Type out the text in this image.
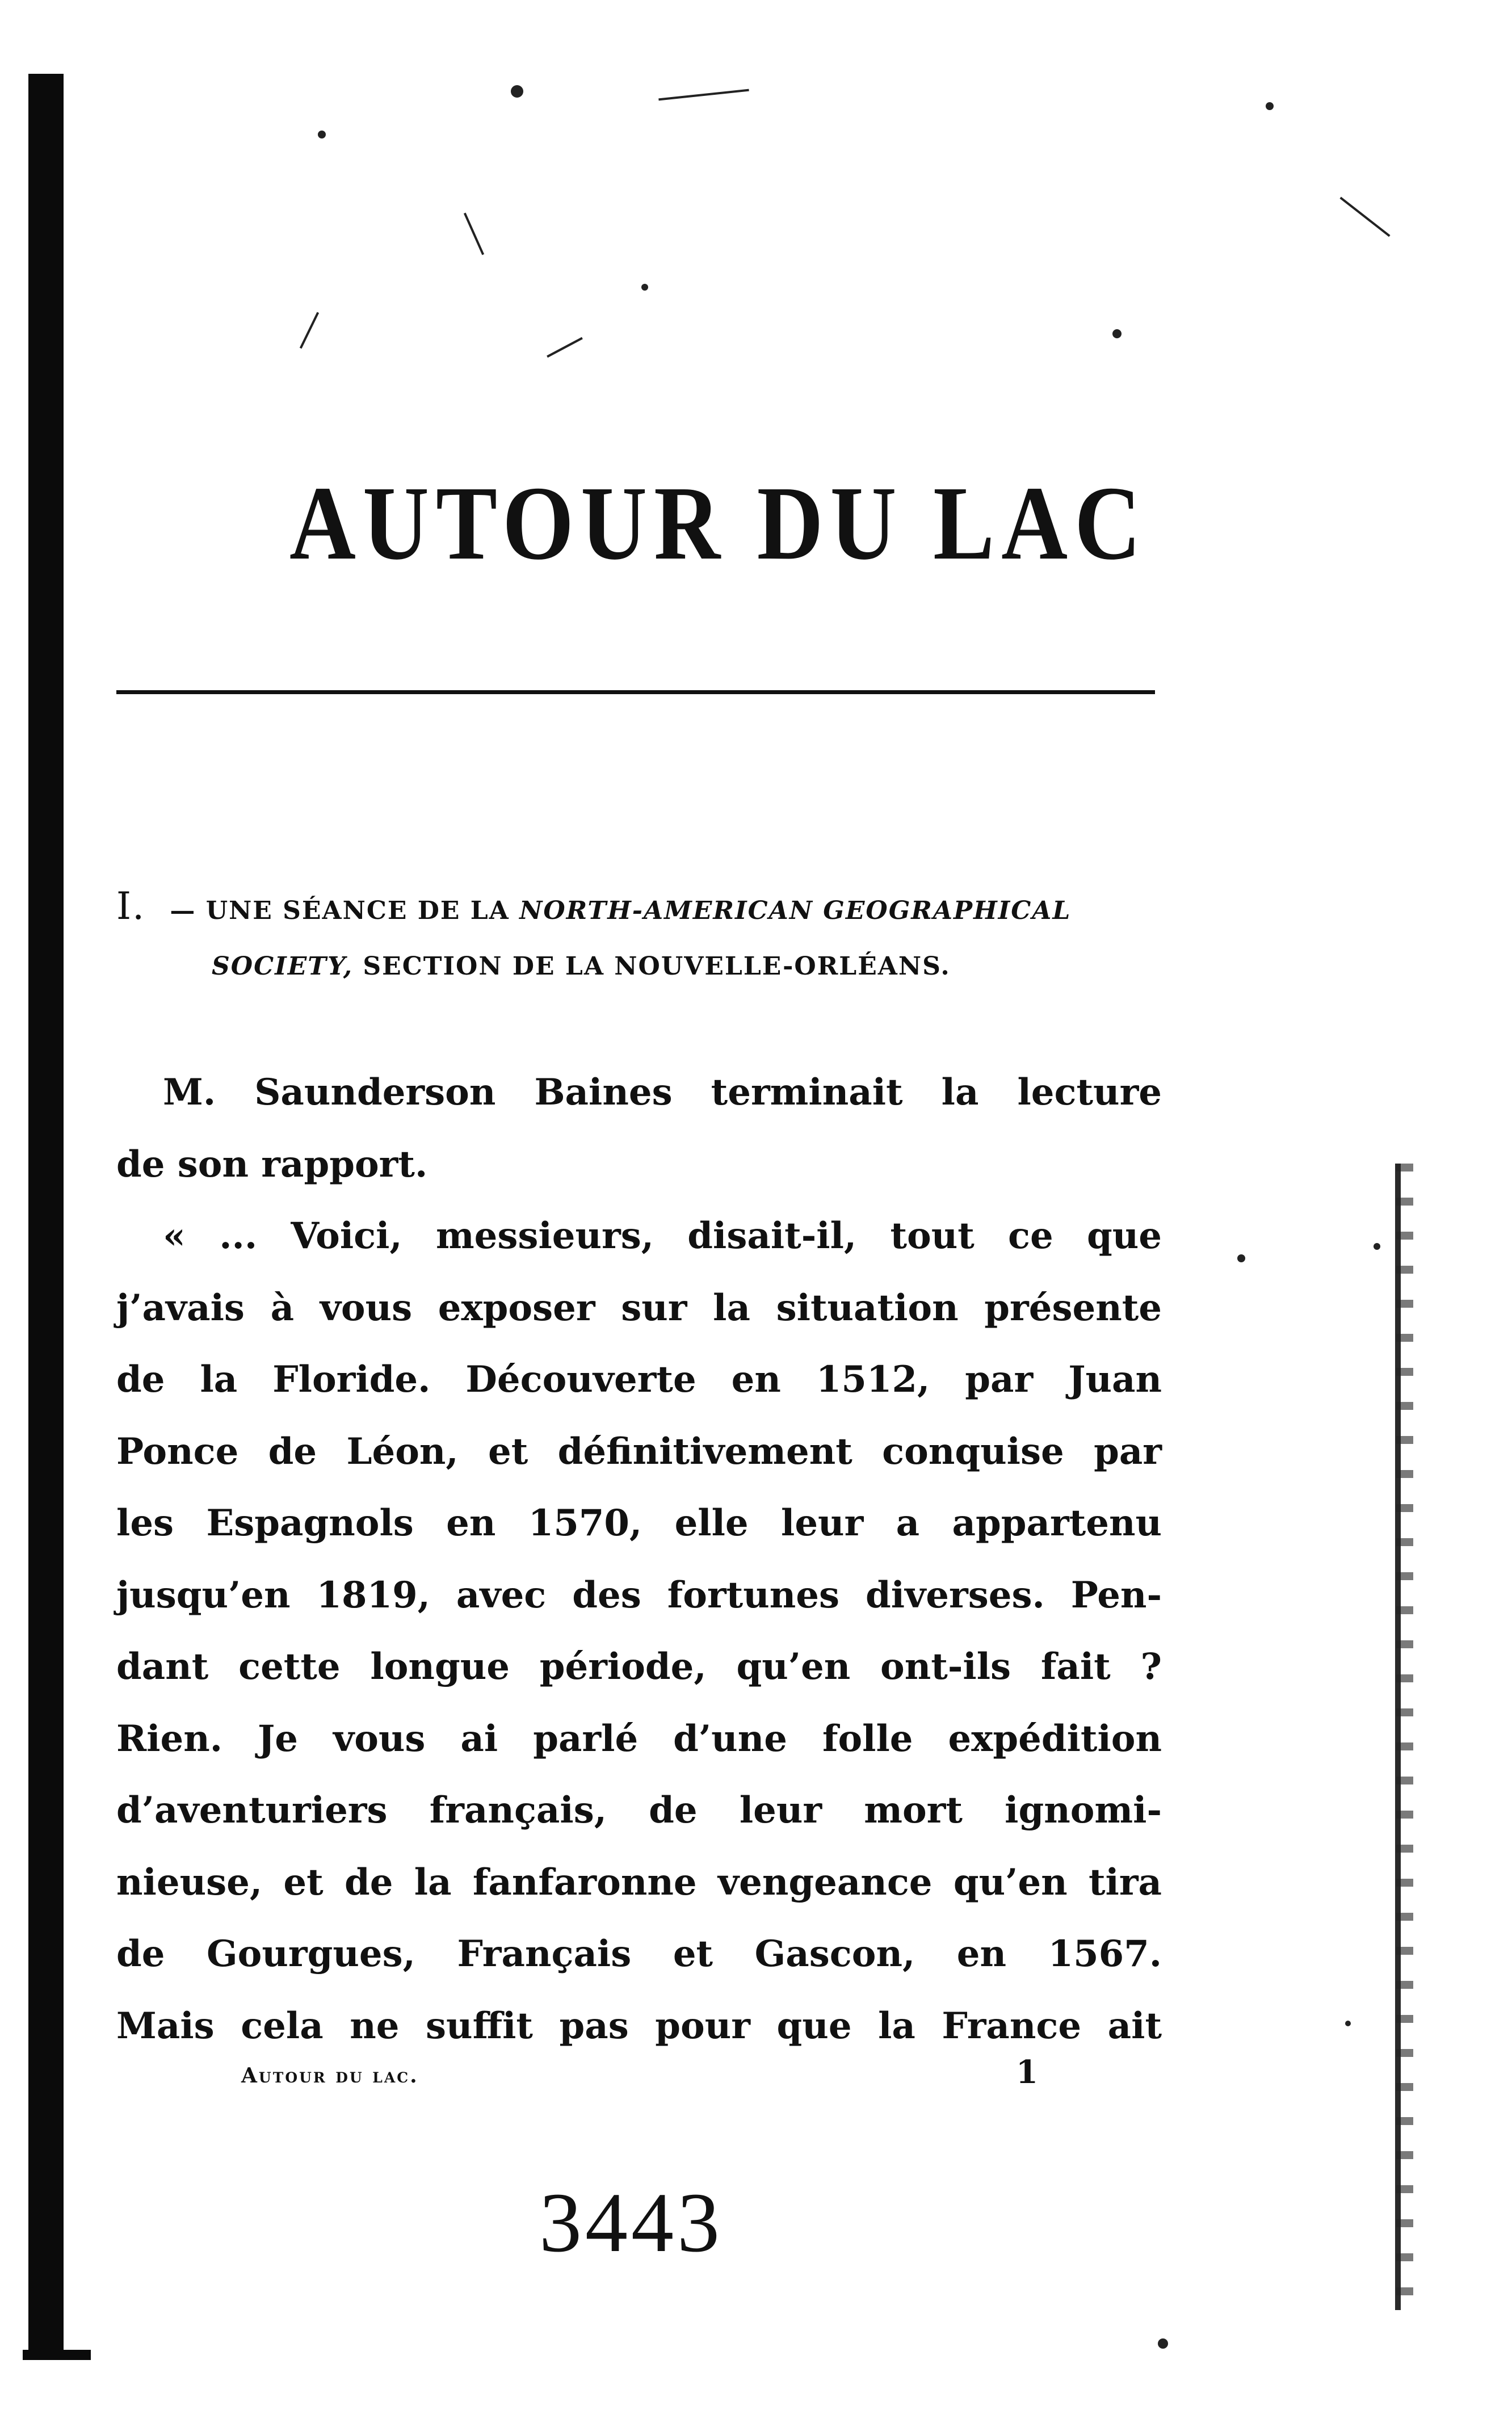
AUTOUR DU LAC
I. — UNE SÉANCE DE LA NORTH-AMERICAN GEOGRAPHICAL
SOCIETY, SECTION DE LA NOUVELLE-ORLÉANS.
M. Saunderson Baines terminait la lecture
de son rapport.
« ... Voici, messieurs, disait-il, tout ce que
j’avais à vous exposer sur la situation présente
de la Floride. Découverte en 1512, par Juan
Ponce de Léon, et définitivement conquise par
les Espagnols en 1570, elle leur a appartenu
jusqu’en 1819, avec des fortunes diverses. Pen-
dant cette longue période, qu’en ont-ils fait ?
Rien. Je vous ai parlé d’une folle expédition
d’aventuriers français, de leur mort ignomi-
nieuse, et de la fanfaronne vengeance qu’en tira
de Gourgues, Français et Gascon, en 1567.
Mais cela ne suffit pas pour que la France ait
Autour du lac.	1
3443
